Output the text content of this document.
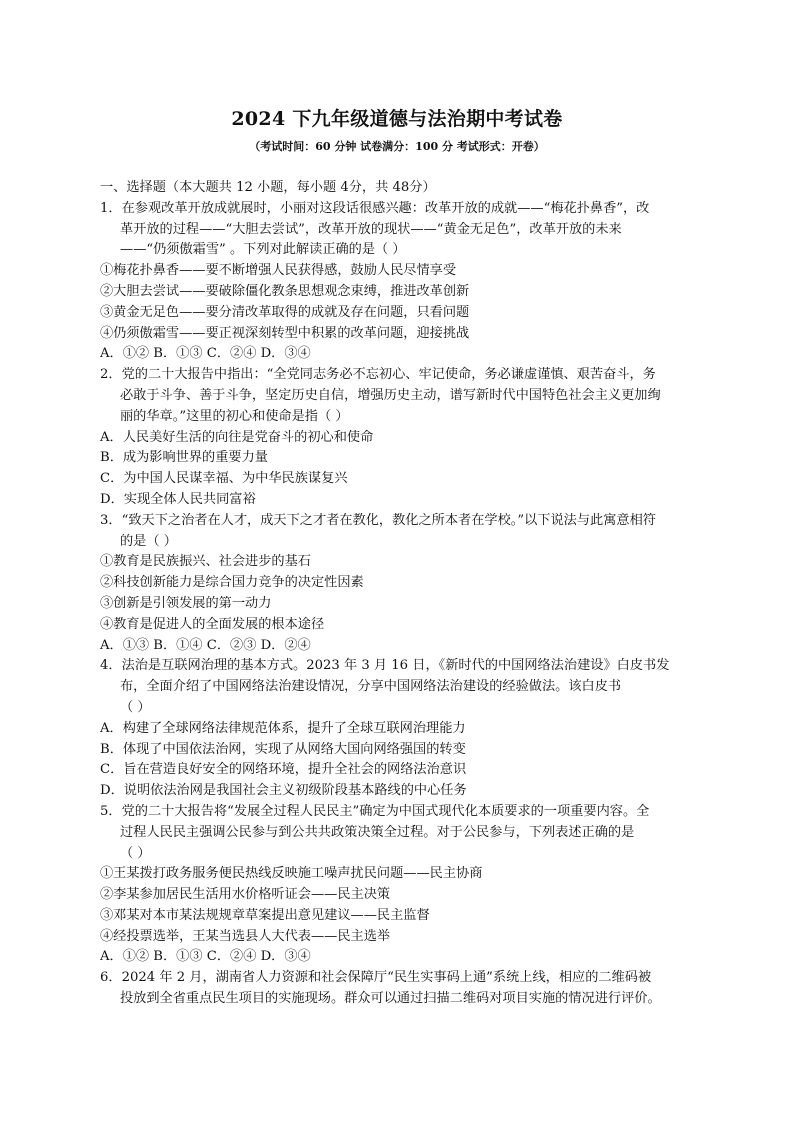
2024 下九年级道德与法治期中考试卷
（考试时间：60 分钟 试卷满分：100 分 考试形式：开卷）
一、选择题（本大题共 12 小题，每小题 4分，共 48分）
1．在参观改革开放成就展时，小丽对这段话很感兴趣：改革开放的成就——“梅花扑鼻香”，改
革开放的过程——“大胆去尝试”，改革开放的现状——“黄金无足色”，改革开放的未来
——“仍须傲霜雪” 。下列对此解读正确的是（ ）
①梅花扑鼻香——要不断增强人民获得感，鼓励人民尽情享受
②大胆去尝试——要破除僵化教条思想观念束缚，推进改革创新
③黄金无足色——要分清改革取得的成就及存在问题，只看问题
④仍须傲霜雪——要正视深刻转型中积累的改革问题，迎接挑战
A．①② B．①③ C．②④ D．③④
2．党的二十大报告中指出：“全党同志务必不忘初心、牢记使命，务必谦虚谨慎、艰苦奋斗，务
必敢于斗争、善于斗争，坚定历史自信，增强历史主动，谱写新时代中国特色社会主义更加绚
丽的华章。”这里的初心和使命是指（ ）
A．人民美好生活的向往是党奋斗的初心和使命
B．成为影响世界的重要力量
C．为中国人民谋幸福、为中华民族谋复兴
D．实现全体人民共同富裕
3．“致天下之治者在人才，成天下之才者在教化，教化之所本者在学校。”以下说法与此寓意相符
的是（ ）
①教育是民族振兴、社会进步的基石
②科技创新能力是综合国力竞争的决定性因素
③创新是引领发展的第一动力
④教育是促进人的全面发展的根本途径
A．①③ B．①④ C．②③ D．②④
4．法治是互联网治理的基本方式。2023 年 3 月 16 日，《新时代的中国网络法治建设》白皮书发
布，全面介绍了中国网络法治建设情况，分享中国网络法治建设的经验做法。该白皮书
（ ）
A．构建了全球网络法律规范体系，提升了全球互联网治理能力
B．体现了中国依法治网，实现了从网络大国向网络强国的转变
C．旨在营造良好安全的网络环境，提升全社会的网络法治意识
D．说明依法治网是我国社会主义初级阶段基本路线的中心任务
5．党的二十大报告将“发展全过程人民民主”确定为中国式现代化本质要求的一项重要内容。全
过程人民民主强调公民参与到公共共政策决策全过程。对于公民参与，下列表述正确的是
（ ）
①王某拨打政务服务便民热线反映施工噪声扰民问题——民主协商
②李某参加居民生活用水价格听证会——民主决策
③邓某对本市某法规规章草案提出意见建议——民主监督
④经投票选举，王某当选县人大代表——民主选举
A．①② B．①③ C．②④ D．③④
6．2024 年 2 月，湖南省人力资源和社会保障厅“民生实事码上通”系统上线，相应的二维码被
投放到全省重点民生项目的实施现场。群众可以通过扫描二维码对项目实施的情况进行评价。
